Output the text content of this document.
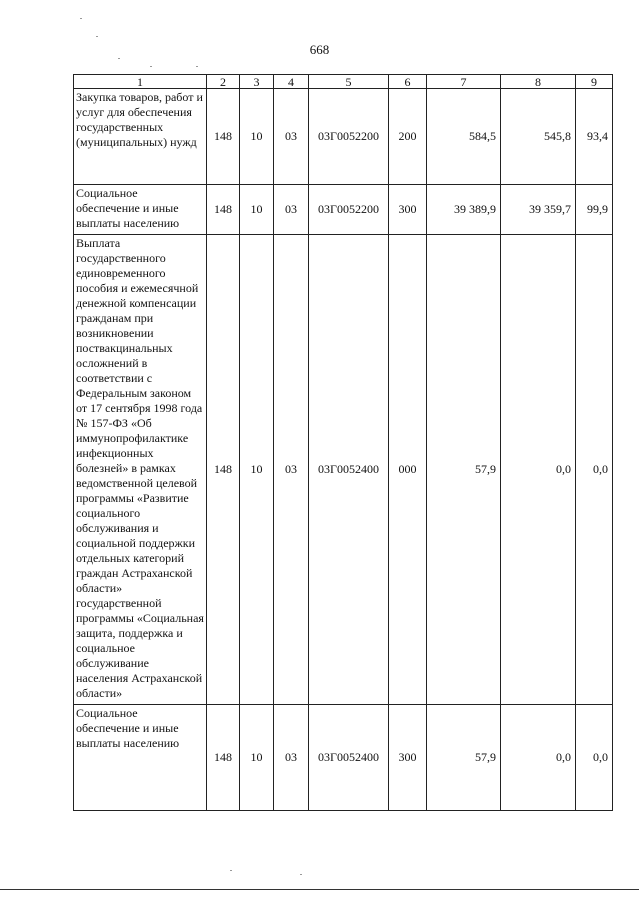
668
1	2	3	4	5	6	7	8	9
Закупка товаров, работ и услуг для обеспечения государственных (муниципальных) нужд	148	10	03	03Г0052200	200	584,5	545,8	93,4
Социальное обеспечение и иные выплаты населению	148	10	03	03Г0052200	300	39 389,9	39 359,7	99,9
Выплата государственного единовременного пособия и ежемесячной денежной компенсации гражданам при возникновении поствакцинальных осложнений в соответствии с Федеральным законом от 17 сентября 1998 года № 157-ФЗ «Об иммунопрофилактике инфекционных болезней» в рамках ведомственной целевой программы «Развитие социального обслуживания и социальной поддержки отдельных категорий граждан Астраханской области» государственной программы «Социальная защита, поддержка и социальное обслуживание населения Астраханской области»	148	10	03	03Г0052400	000	57,9	0,0	0,0
Социальное обеспечение и иные выплаты населению	148	10	03	03Г0052400	300	57,9	0,0	0,0
